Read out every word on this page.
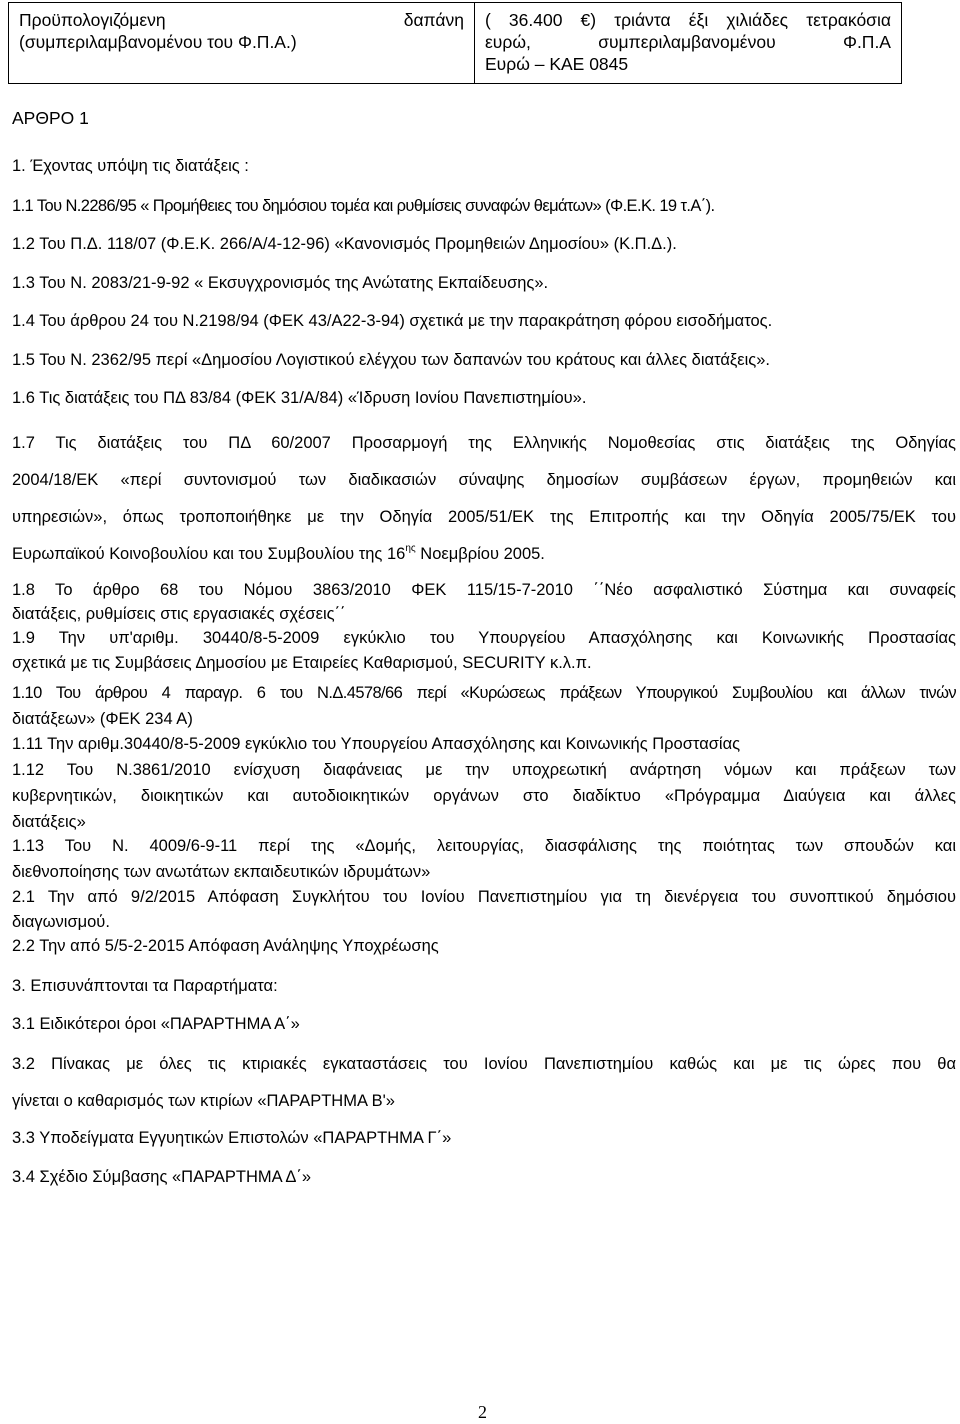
Προϋπολογιζόμενη	δαπάνη
(συμπεριλαμβανομένου του Φ.Π.Α.)

( 36.400 €) τριάντα έξι χιλιάδες τετρακόσια
ευρώ,	συμπεριλαμβανομένου	Φ.Π.Α
Ευρώ – ΚΑΕ 0845

ΑΡΘΡΟ 1

1. Έχοντας υπόψη τις διατάξεις :

1.1 Του Ν.2286/95 « Προμήθειες του δημόσιου τομέα και ρυθμίσεις συναφών θεμάτων» (Φ.Ε.Κ. 19 τ.Α΄).

1.2 Του Π.Δ. 118/07 (Φ.Ε.Κ. 266/Α/4-12-96) «Κανονισμός Προμηθειών Δημοσίου» (Κ.Π.Δ.).

1.3 Του Ν. 2083/21-9-92 « Εκσυγχρονισμός της Ανώτατης Εκπαίδευσης».

1.4 Του άρθρου 24 του Ν.2198/94 (ΦΕΚ 43/Α22-3-94) σχετικά με την παρακράτηση φόρου εισοδήματος.

1.5 Του Ν. 2362/95 περί «Δημοσίου Λογιστικού ελέγχου των δαπανών του κράτους και άλλες διατάξεις».

1.6 Τις διατάξεις του ΠΔ 83/84 (ΦΕΚ 31/Α/84) «Ίδρυση Ιονίου Πανεπιστημίου».

1.7 Τις διατάξεις του ΠΔ 60/2007 Προσαρμογή της Ελληνικής Νομοθεσίας στις διατάξεις της Οδηγίας
2004/18/ΕΚ «περί συντονισμού των διαδικασιών σύναψης δημοσίων συμβάσεων έργων, προμηθειών και
υπηρεσιών», όπως τροποποιήθηκε με την Οδηγία 2005/51/ΕΚ της Επιτροπής και την Οδηγία 2005/75/ΕΚ του
Ευρωπαϊκού Κοινοβουλίου και του Συμβουλίου της $16^{\eta\varsigma}$ Νοεμβρίου 2005.
1.8 Το άρθρο 68 του Νόμου 3863/2010 ΦΕΚ 115/15-7-2010 ΄΄Νέο ασφαλιστικό Σύστημα και συναφείς
διατάξεις, ρυθμίσεις στις εργασιακές σχέσεις΄΄
1.9 Την υπ'αριθμ. 30440/8-5-2009 εγκύκλιο του Υπουργείου Απασχόλησης και Κοινωνικής Προστασίας
σχετικά με τις Συμβάσεις Δημοσίου με Εταιρείες Καθαρισμού, SECURITY κ.λ.π.
1.10 Του άρθρου 4 παραγρ. 6 του Ν.Δ.4578/66 περί «Κυρώσεως πράξεων Υπουργικού Συμβουλίου και άλλων τινών
διατάξεων» (ΦΕΚ 234 Α)

1.11 Την αριθμ.30440/8-5-2009 εγκύκλιο του Υπουργείου Απασχόλησης και Κοινωνικής Προστασίας

1.12 Του Ν.3861/2010 ενίσχυση διαφάνειας με την υποχρεωτική ανάρτηση νόμων και πράξεων των
κυβερνητικών, διοικητικών και αυτοδιοικητικών οργάνων στο διαδίκτυο «Πρόγραμμα Διαύγεια και άλλες
διατάξεις»
1.13 Του Ν. 4009/6-9-11 περί της «Δομής, λειτουργίας, διασφάλισης της ποιότητας των σπουδών και
διεθνοποίησης των ανωτάτων εκπαιδευτικών ιδρυμάτων»
2.1 Την από 9/2/2015 Απόφαση Συγκλήτου του Ιονίου Πανεπιστημίου για τη διενέργεια του συνοπτικού δημόσιου
διαγωνισμού.

2.2 Την από 5/5-2-2015 Απόφαση Ανάληψης Υποχρέωσης

3. Επισυνάπτονται τα Παραρτήματα:

3.1 Ειδικότεροι όροι «ΠΑΡΑΡΤΗΜΑ Α΄»

3.2 Πίνακας με όλες τις κτιριακές εγκαταστάσεις του Ιονίου Πανεπιστημίου καθώς και με τις ώρες που θα
γίνεται ο καθαρισμός των κτιρίων «ΠΑΡΑΡΤΗΜΑ Β'»

3.3 Υποδείγματα Εγγυητικών Επιστολών «ΠΑΡΑΡΤΗΜΑ Γ΄»

3.4 Σχέδιο Σύμβασης «ΠΑΡΑΡΤΗΜΑ Δ΄»

2
